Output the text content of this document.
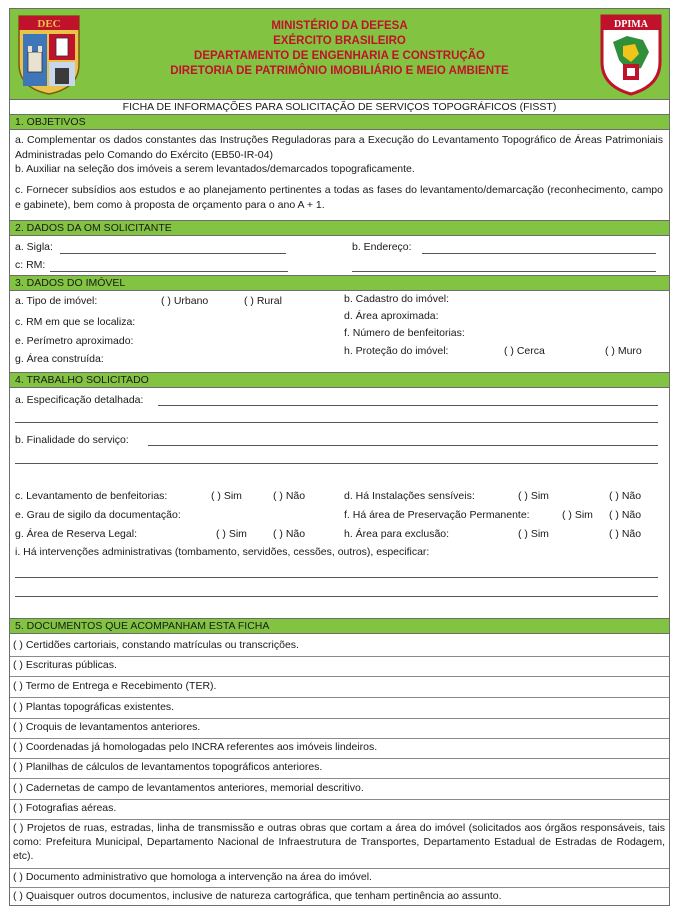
DEC	MINISTÉRIO DA DEFESA
EXÉRCITO BRASILEIRO
DEPARTAMENTO DE ENGENHARIA E CONSTRUÇÃO
DIRETORIA DE PATRIMÔNIO IMOBILIÁRIO E MEIO AMBIENTE
DPIMA
FICHA DE INFORMAÇÕES PARA SOLICITAÇÃO DE SERVIÇOS TOPOGRÁFICOS (FISST)
1. OBJETIVOS
a. Complementar os dados constantes das Instruções Reguladoras para a Execução do Levantamento Topográfico de Áreas Patrimoniais Administradas pelo Comando do Exército (EB50-IR-04)
b. Auxiliar na seleção dos imóveis a serem levantados/demarcados topograficamente.
c. Fornecer subsídios aos estudos e ao planejamento pertinentes a todas as fases do levantamento/demarcação (reconhecimento, campo e gabinete), bem como à proposta de orçamento para o ano A + 1.
2. DADOS DA OM SOLICITANTE
a. Sigla:	b. Endereço:
c: RM:
3. DADOS DO IMÓVEL
a. Tipo de imóvel:	( ) Urbano	( ) Rural	b. Cadastro do imóvel:
d. Área aproximada:
c. RM em que se localiza:
f. Número de benfeitorias:
e. Perímetro aproximado:
h. Proteção do imóvel:	( ) Cerca	( ) Muro
g. Área construída:
4. TRABALHO SOLICITADO
a. Especificação detalhada:
b. Finalidade do serviço:
c. Levantamento de benfeitorias:	( ) Sim	( ) Não	d. Há Instalações sensíveis:	( ) Sim	( ) Não
e. Grau de sigilo da documentação:	f. Há área de Preservação Permanente:	( ) Sim ( ) Não
g. Área de Reserva Legal:	( ) Sim ( ) Não	h. Área para exclusão:	( ) Sim	( ) Não
i. Há intervenções administrativas (tombamento, servidões, cessões, outros), especificar:
5. DOCUMENTOS QUE ACOMPANHAM ESTA FICHA
( ) Certidões cartoriais, constando matrículas ou transcrições.
( ) Escrituras públicas.
( ) Termo de Entrega e Recebimento (TER).
( ) Plantas topográficas existentes.
( ) Croquis de levantamentos anteriores.
( ) Coordenadas já homologadas pelo INCRA referentes aos imóveis lindeiros.
( ) Planilhas de cálculos de levantamentos topográficos anteriores.
( ) Cadernetas de campo de levantamentos anteriores, memorial descritivo.
( ) Fotografias aéreas.
( ) Projetos de ruas, estradas, linha de transmissão e outras obras que cortam a área do imóvel (solicitados aos órgãos responsáveis, tais como: Prefeitura Municipal, Departamento Nacional de Infraestrutura de Transportes, Departamento Estadual de Estradas de Rodagem, etc).
( ) Documento administrativo que homologa a intervenção na área do imóvel.
( ) Quaisquer outros documentos, inclusive de natureza cartográfica, que tenham pertinência ao assunto.
